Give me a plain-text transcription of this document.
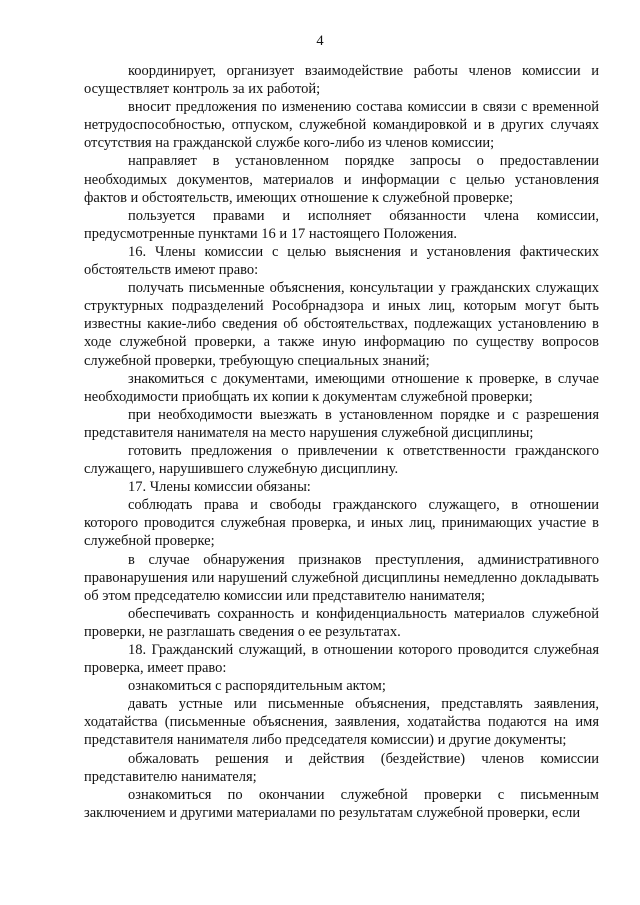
4

координирует, организует взаимодействие работы членов комиссии и осуществляет контроль за их работой;

вносит предложения по изменению состава комиссии в связи с временной нетрудоспособностью, отпуском, служебной командировкой и в других случаях отсутствия на гражданской службе кого-либо из членов комиссии;

направляет в установленном порядке запросы о предоставлении необходимых документов, материалов и информации с целью установления фактов и обстоятельств, имеющих отношение к служебной проверке;

пользуется правами и исполняет обязанности члена комиссии, предусмотренные пунктами 16 и 17 настоящего Положения.

16. Члены комиссии с целью выяснения и установления фактических обстоятельств имеют право:

получать письменные объяснения, консультации у гражданских служащих структурных подразделений Рособрнадзора и иных лиц, которым могут быть известны какие-либо сведения об обстоятельствах, подлежащих установлению в ходе служебной проверки, а также иную информацию по существу вопросов служебной проверки, требующую специальных знаний;

знакомиться с документами, имеющими отношение к проверке, в случае необходимости приобщать их копии к документам служебной проверки;

при необходимости выезжать в установленном порядке и с разрешения представителя нанимателя на место нарушения служебной дисциплины;

готовить предложения о привлечении к ответственности гражданского служащего, нарушившего служебную дисциплину.

17. Члены комиссии обязаны:

соблюдать права и свободы гражданского служащего, в отношении которого проводится служебная проверка, и иных лиц, принимающих участие в служебной проверке;

в случае обнаружения признаков преступления, административного правонарушения или нарушений служебной дисциплины немедленно докладывать об этом председателю комиссии или представителю нанимателя;

обеспечивать сохранность и конфиденциальность материалов служебной проверки, не разглашать сведения о ее результатах.

18. Гражданский служащий, в отношении которого проводится служебная проверка, имеет право:

ознакомиться с распорядительным актом;

давать устные или письменные объяснения, представлять заявления, ходатайства (письменные объяснения, заявления, ходатайства подаются на имя представителя нанимателя либо председателя комиссии) и другие документы;

обжаловать решения и действия (бездействие) членов комиссии представителю нанимателя;

ознакомиться по окончании служебной проверки с письменным заключением и другими материалами по результатам служебной проверки, если
